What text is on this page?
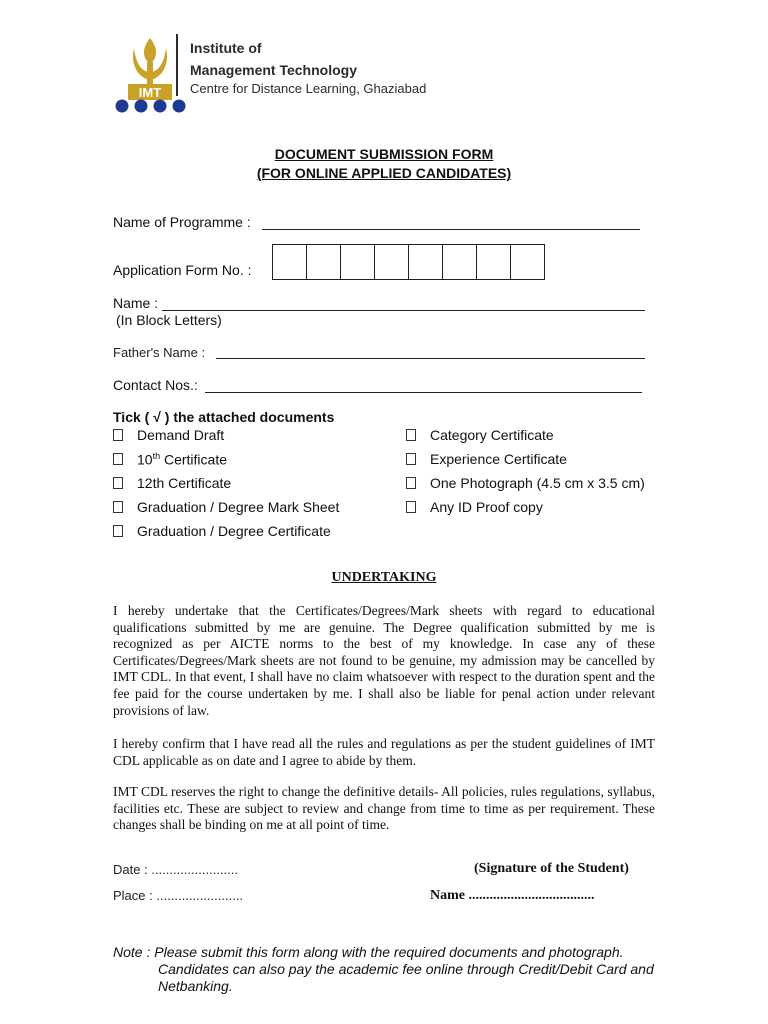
IMT
Institute of
Management Technology
Centre for Distance Learning, Ghaziabad
DOCUMENT SUBMISSION FORM
(FOR ONLINE APPLIED CANDIDATES)
Name of Programme :
Application Form No. :
Name :
(In Block Letters)
Father's Name :
Contact Nos.:
Tick ( √ ) the attached documents
Demand Draft
10th Certificate
12th Certificate
Graduation / Degree Mark Sheet
Graduation / Degree Certificate
Category Certificate
Experience Certificate
One Photograph (4.5 cm x 3.5 cm)
Any ID Proof copy
UNDERTAKING
I hereby undertake that the Certificates/Degrees/Mark sheets with regard to educational qualifications submitted by me are genuine. The Degree qualification submitted by me is recognized as per AICTE norms to the best of my knowledge. In case any of these Certificates/Degrees/Mark sheets are not found to be genuine, my admission may be cancelled by IMT CDL. In that event, I shall have no claim whatsoever with respect to the duration spent and the fee paid for the course undertaken by me. I shall also be liable for penal action under relevant provisions of law.
I hereby confirm that I have read all the rules and regulations as per the student guidelines of IMT CDL applicable as on date and I agree to abide by them.
IMT CDL reserves the right to change the definitive details- All policies, rules regulations, syllabus, facilities etc. These are subject to review and change from time to time as per requirement. These changes shall be binding on me at all point of time.
Date : ........................	(Signature of the Student)
Place : ........................	Name ....................................
Note : Please submit this form along with the required documents and photograph.
Candidates can also pay the academic fee online through Credit/Debit Card and
Netbanking.
